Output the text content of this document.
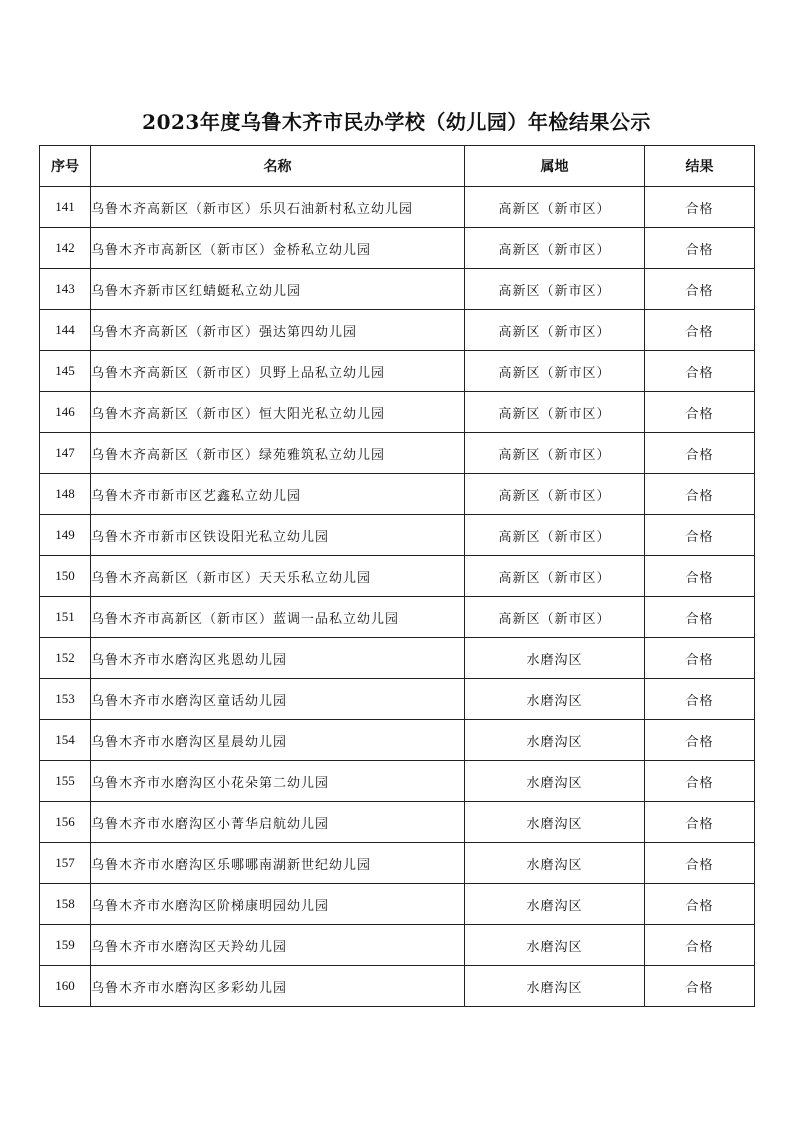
2023年度乌鲁木齐市民办学校（幼儿园）年检结果公示
序号	名称	属地	结果
141	乌鲁木齐高新区（新市区）乐贝石油新村私立幼儿园	高新区（新市区）	合格
142	乌鲁木齐市高新区（新市区）金桥私立幼儿园	高新区（新市区）	合格
143	乌鲁木齐新市区红蜻蜓私立幼儿园	高新区（新市区）	合格
144	乌鲁木齐高新区（新市区）强达第四幼儿园	高新区（新市区）	合格
145	乌鲁木齐高新区（新市区）贝野上品私立幼儿园	高新区（新市区）	合格
146	乌鲁木齐高新区（新市区）恒大阳光私立幼儿园	高新区（新市区）	合格
147	乌鲁木齐高新区（新市区）绿苑雅筑私立幼儿园	高新区（新市区）	合格
148	乌鲁木齐市新市区艺鑫私立幼儿园	高新区（新市区）	合格
149	乌鲁木齐市新市区铁设阳光私立幼儿园	高新区（新市区）	合格
150	乌鲁木齐高新区（新市区）天天乐私立幼儿园	高新区（新市区）	合格
151	乌鲁木齐市高新区（新市区）蓝调一品私立幼儿园	高新区（新市区）	合格
152	乌鲁木齐市水磨沟区兆恩幼儿园	水磨沟区	合格
153	乌鲁木齐市水磨沟区童话幼儿园	水磨沟区	合格
154	乌鲁木齐市水磨沟区星晨幼儿园	水磨沟区	合格
155	乌鲁木齐市水磨沟区小花朵第二幼儿园	水磨沟区	合格
156	乌鲁木齐市水磨沟区小菁华启航幼儿园	水磨沟区	合格
157	乌鲁木齐市水磨沟区乐哪哪南湖新世纪幼儿园	水磨沟区	合格
158	乌鲁木齐市水磨沟区阶梯康明园幼儿园	水磨沟区	合格
159	乌鲁木齐市水磨沟区天羚幼儿园	水磨沟区	合格
160	乌鲁木齐市水磨沟区多彩幼儿园	水磨沟区	合格
